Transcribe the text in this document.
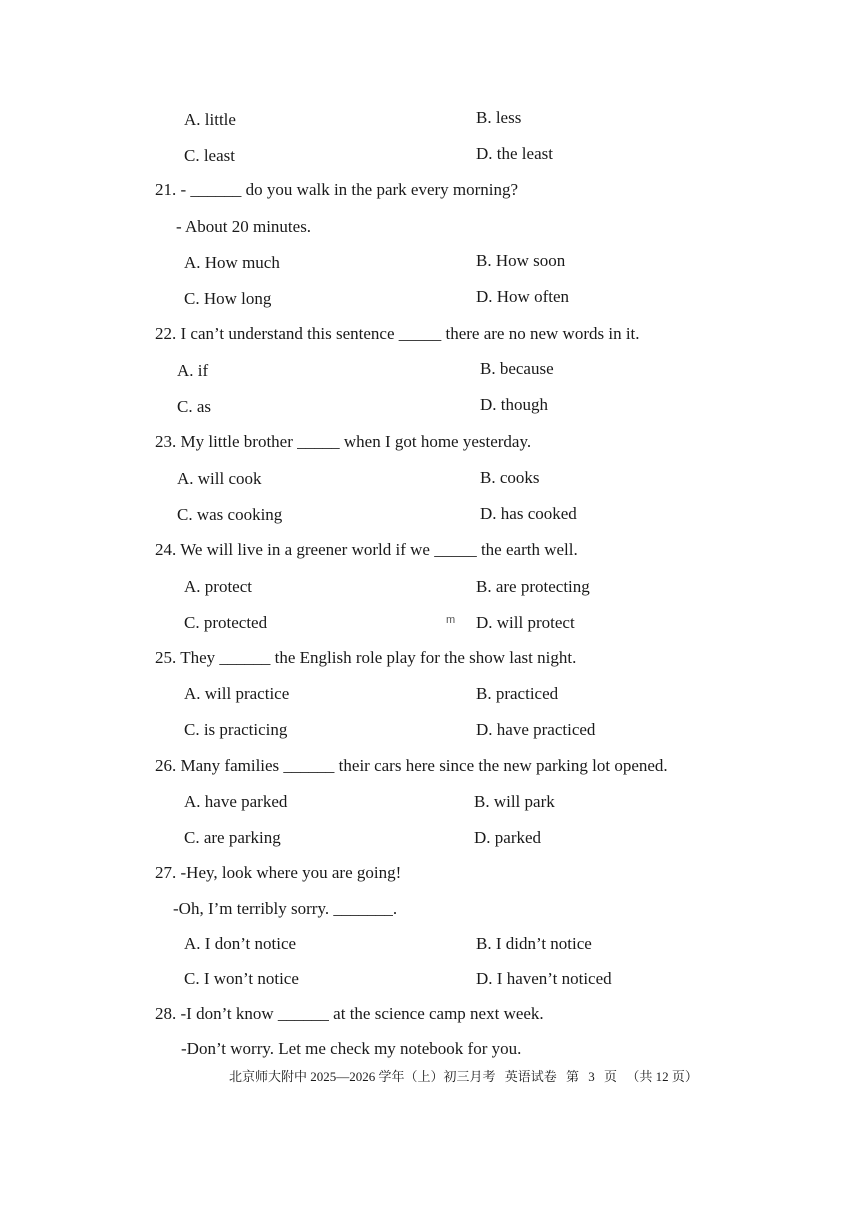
A. little	B. less
C. least	D. the least
21. - ______ do you walk in the park every morning?
- About 20 minutes.
A. How much	B. How soon
C. How long	D. How often
22. I can’t understand this sentence _____ there are no new words in it.
A. if	B. because
C. as	D. though
23. My little brother _____ when I got home yesterday.
A. will cook	B. cooks
C. was cooking	D. has cooked
24. We will live in a greener world if we _____ the earth well.
A. protect	B. are protecting
C. protected	m D. will protect
25. They ______ the English role play for the show last night.
A. will practice	B. practiced
C. is practicing	D. have practiced
26. Many families ______ their cars here since the new parking lot opened.
A. have parked	B. will park
C. are parking	D. parked
27. -Hey, look where you are going!
-Oh, I’m terribly sorry. _______.
A. I don’t notice	B. I didn’t notice
C. I won’t notice	D. I haven’t noticed
28. -I don’t know ______ at the science camp next week.
-Don’t worry. Let me check my notebook for you.
北京师大附中 2025—2026 学年（上）初三月考 英语试卷 第 3 页 （共 12 页）
